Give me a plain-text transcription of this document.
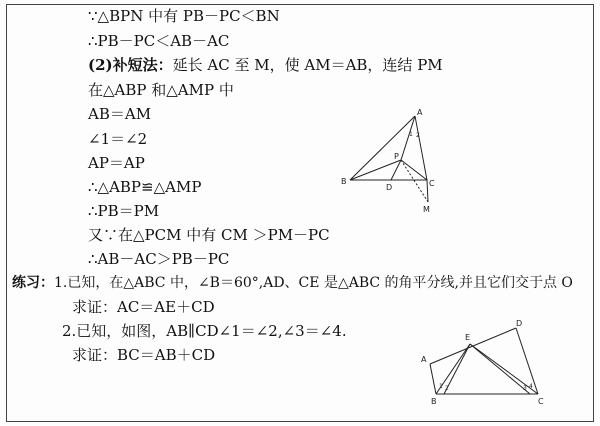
∵△BPN 中有 PB－PC＜BN
∴PB－PC＜AB－AC
(2)补短法：延长 AC 至 M，使 AM＝AB，连结 PM
在△ABP 和△AMP 中
AB＝AM
∠1＝∠2
AP＝AP
∴△ABP≌△AMP
∴PB＝PM
又∵在△PCM 中有 CM ＞PM－PC
∴AB－AC＞PB－PC
练习：1.已知，在△ABC 中，∠B＝60°,AD、CE 是△ABC 的角平分线,并且它们交于点 O
求证：AC＝AE＋CD
2.已知，如图，AB∥CD∠1＝∠2,∠3＝∠4.
求证：BC＝AB＋CD
A
B	C
D
M
P
1 2
A
B	C
D
E
1 2	3 4
